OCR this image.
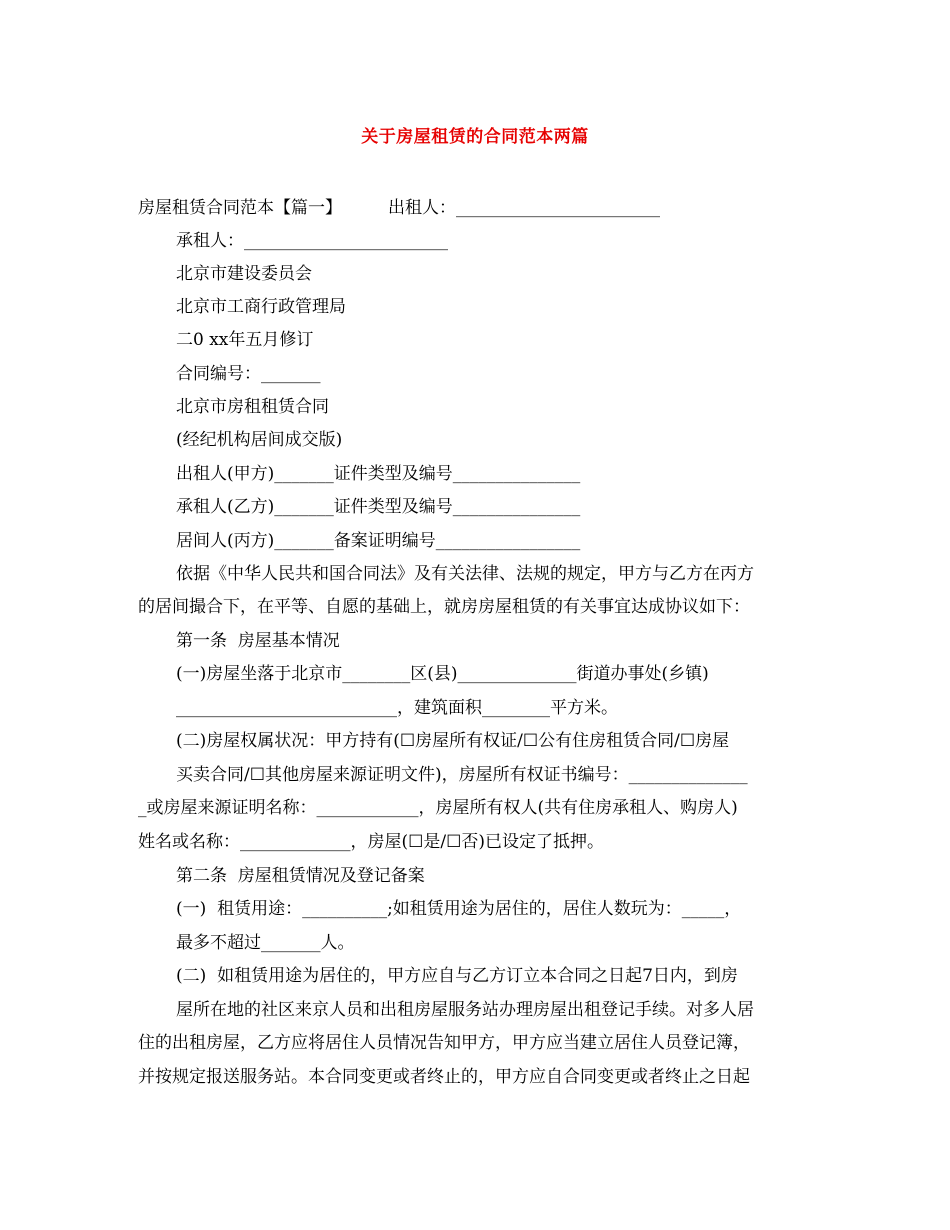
关于房屋租赁的合同范本两篇
房屋租赁合同范本【篇一】	出租人：________________________
承租人：________________________
北京市建设委员会
北京市工商行政管理局
二0 xx年五月修订
合同编号：_______
北京市房租租赁合同
(经纪机构居间成交版)
出租人(甲方)_______证件类型及编号_______________
承租人(乙方)_______证件类型及编号_______________
居间人(丙方)_______备案证明编号_________________
依据《中华人民共和国合同法》及有关法律、法规的规定，甲方与乙方在丙方
的居间撮合下，在平等、自愿的基础上，就房房屋租赁的有关事宜达成协议如下：
第一条  房屋基本情况
(一)房屋坐落于北京市________区(县)______________街道办事处(乡镇)
__________________________，建筑面积________平方米。
(二)房屋权属状况：甲方持有(☐房屋所有权证/☐公有住房租赁合同/☐房屋
买卖合同/☐其他房屋来源证明文件)，房屋所有权证书编号：______________
_或房屋来源证明名称：____________，房屋所有权人(共有住房承租人、购房人)
姓名或名称：_____________，房屋(☐是/☐否)已设定了抵押。
第二条  房屋租赁情况及登记备案
(一)  租赁用途：__________;如租赁用途为居住的，居住人数玩为：_____，
最多不超过_______人。
(二)  如租赁用途为居住的，甲方应自与乙方订立本合同之日起7日内，到房
屋所在地的社区来京人员和出租房屋服务站办理房屋出租登记手续。对多人居
住的出租房屋，乙方应将居住人员情况告知甲方，甲方应当建立居住人员登记簿，
并按规定报送服务站。本合同变更或者终止的，甲方应自合同变更或者终止之日起
